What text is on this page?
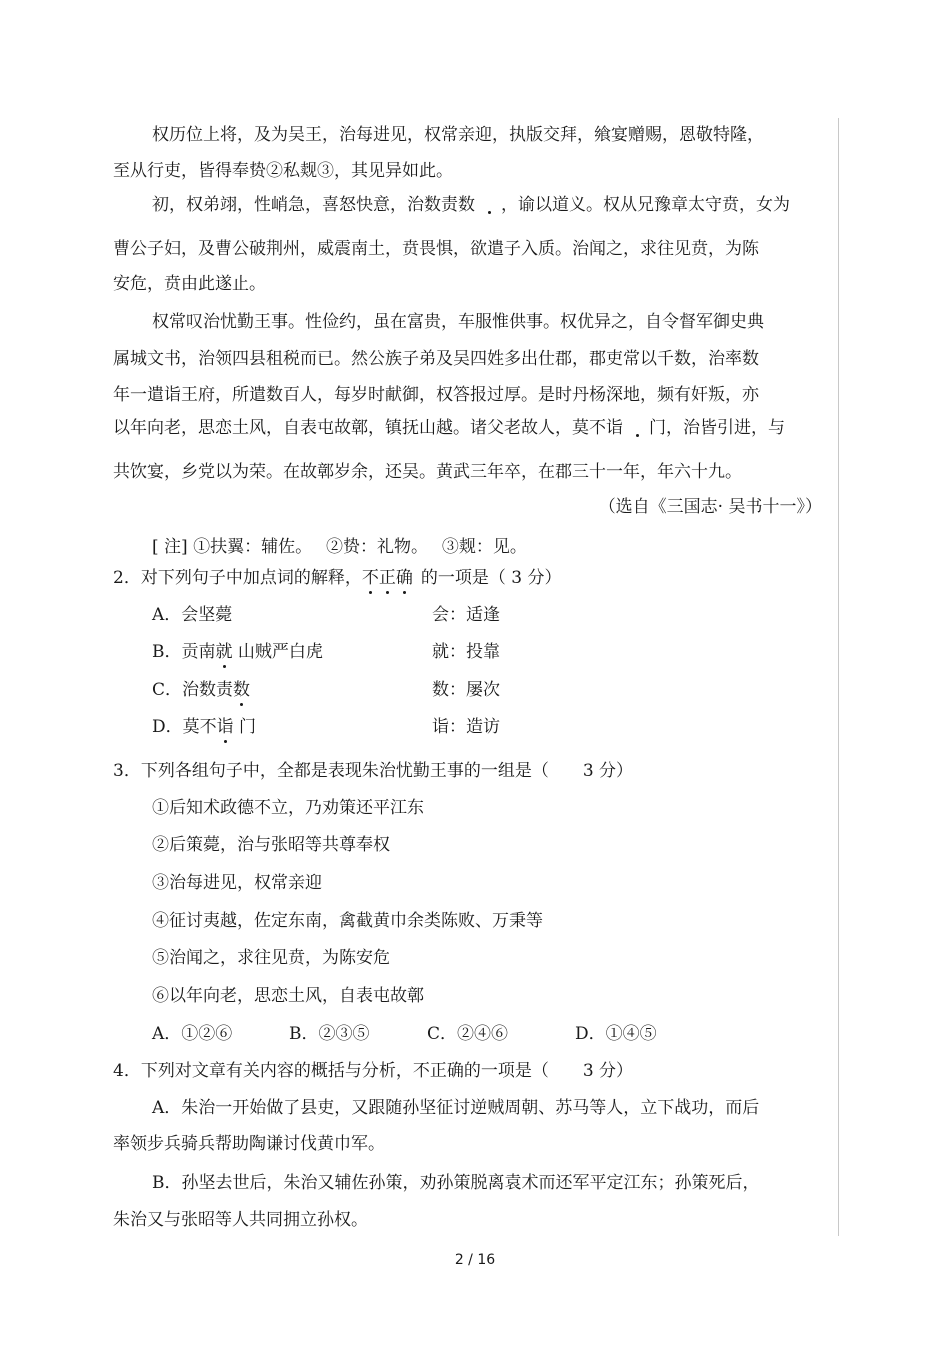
权历位上将，及为吴王，治每进见，权常亲迎，执版交拜，飨宴赠赐，恩敬特隆，
至从行吏，皆得奉贽②私觌③，其见异如此。
初，权弟翊，性峭急，喜怒快意，治数责数 ，谕以道义。权从兄豫章太守贲，女为
曹公子妇，及曹公破荆州，威震南土，贲畏惧，欲遣子入质。治闻之，求往见贲，为陈
安危，贲由此遂止。
权常叹治忧勤王事。性俭约，虽在富贵，车服惟供事。权优异之，自令督军御史典
属城文书，治领四县租税而已。然公族子弟及吴四姓多出仕郡，郡吏常以千数，治率数
年一遣诣王府，所遣数百人，每岁时献御，权答报过厚。是时丹杨深地，频有奸叛，亦
以年向老，思恋土风，自表屯故鄣，镇抚山越。诸父老故人，莫不诣 门，治皆引进，与
共饮宴，乡党以为荣。在故鄣岁余，还吴。黄武三年卒，在郡三十一年，年六十九。
（选自《三国志· 吴书十一》）
[ 注] ①扶翼：辅佐。　 ②贽：礼物。　 ③觌：见。
2．对下列句子中加点词的解释，不正确 的一项是（ 3 分）
A．会坚薨	会：适逢
B．贡南就 山贼严白虎	就：投靠
C．治数责数	数：屡次
D．莫不诣 门	诣：造访
3．下列各组句子中，全都是表现朱治忧勤王事的一组是（　　3 分）
①后知术政德不立，乃劝策还平江东
②后策薨，治与张昭等共尊奉权
③治每进见，权常亲迎
④征讨夷越，佐定东南，禽截黄巾余类陈败、万秉等
⑤治闻之，求往见贲，为陈安危
⑥以年向老，思恋土风，自表屯故鄣
A．①②⑥	B．②③⑤	C．②④⑥	D．①④⑤
4．下列对文章有关内容的概括与分析，不正确的一项是（　　3 分）
A．朱治一开始做了县吏，又跟随孙坚征讨逆贼周朝、苏马等人，立下战功，而后
率领步兵骑兵帮助陶谦讨伐黄巾军。
B．孙坚去世后，朱治又辅佐孙策，劝孙策脱离袁术而还军平定江东；孙策死后，
朱治又与张昭等人共同拥立孙权。
2 / 16
